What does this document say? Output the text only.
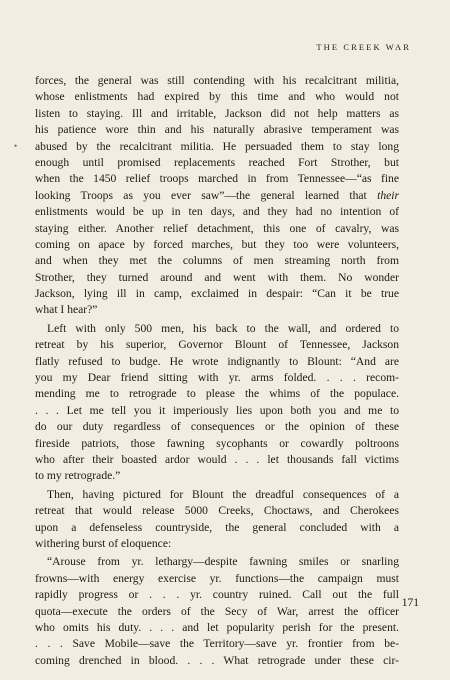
THE CREEK WAR
•
forces, the general was still contending with his recalcitrant militia,
whose enlistments had expired by this time and who would not
listen to staying. Ill and irritable, Jackson did not help matters as
his patience wore thin and his naturally abrasive temperament was
abused by the recalcitrant militia. He persuaded them to stay long
enough until promised replacements reached Fort Strother, but
when the 1450 relief troops marched in from Tennessee—“as fine
looking Troops as you ever saw”—the general learned that their
enlistments would be up in ten days, and they had no intention of
staying either. Another relief detachment, this one of cavalry, was
coming on apace by forced marches, but they too were volunteers,
and when they met the columns of men streaming north from
Strother, they turned around and went with them. No wonder
Jackson, lying ill in camp, exclaimed in despair: “Can it be true
what I hear?”
Left with only 500 men, his back to the wall, and ordered to
retreat by his superior, Governor Blount of Tennessee, Jackson
flatly refused to budge. He wrote indignantly to Blount: “And are
you my Dear friend sitting with yr. arms folded. . . . recom-
mending me to retrograde to please the whims of the populace.
. . . Let me tell you it imperiously lies upon both you and me to
do our duty regardless of consequences or the opinion of these
fireside patriots, those fawning sycophants or cowardly poltroons
who after their boasted ardor would . . . let thousands fall victims
to my retrograde.”
Then, having pictured for Blount the dreadful consequences of a
retreat that would release 5000 Creeks, Choctaws, and Cherokees
upon a defenseless countryside, the general concluded with a
withering burst of eloquence:
“Arouse from yr. lethargy—despite fawning smiles or snarling
frowns—with energy exercise yr. functions—the campaign must
rapidly progress or . . . yr. country ruined. Call out the full
quota—execute the orders of the Secy of War, arrest the officer
who omits his duty. . . . and let popularity perish for the present.
. . . Save Mobile—save the Territory—save yr. frontier from be-
coming drenched in blood. . . . What retrograde under these cir-
171
